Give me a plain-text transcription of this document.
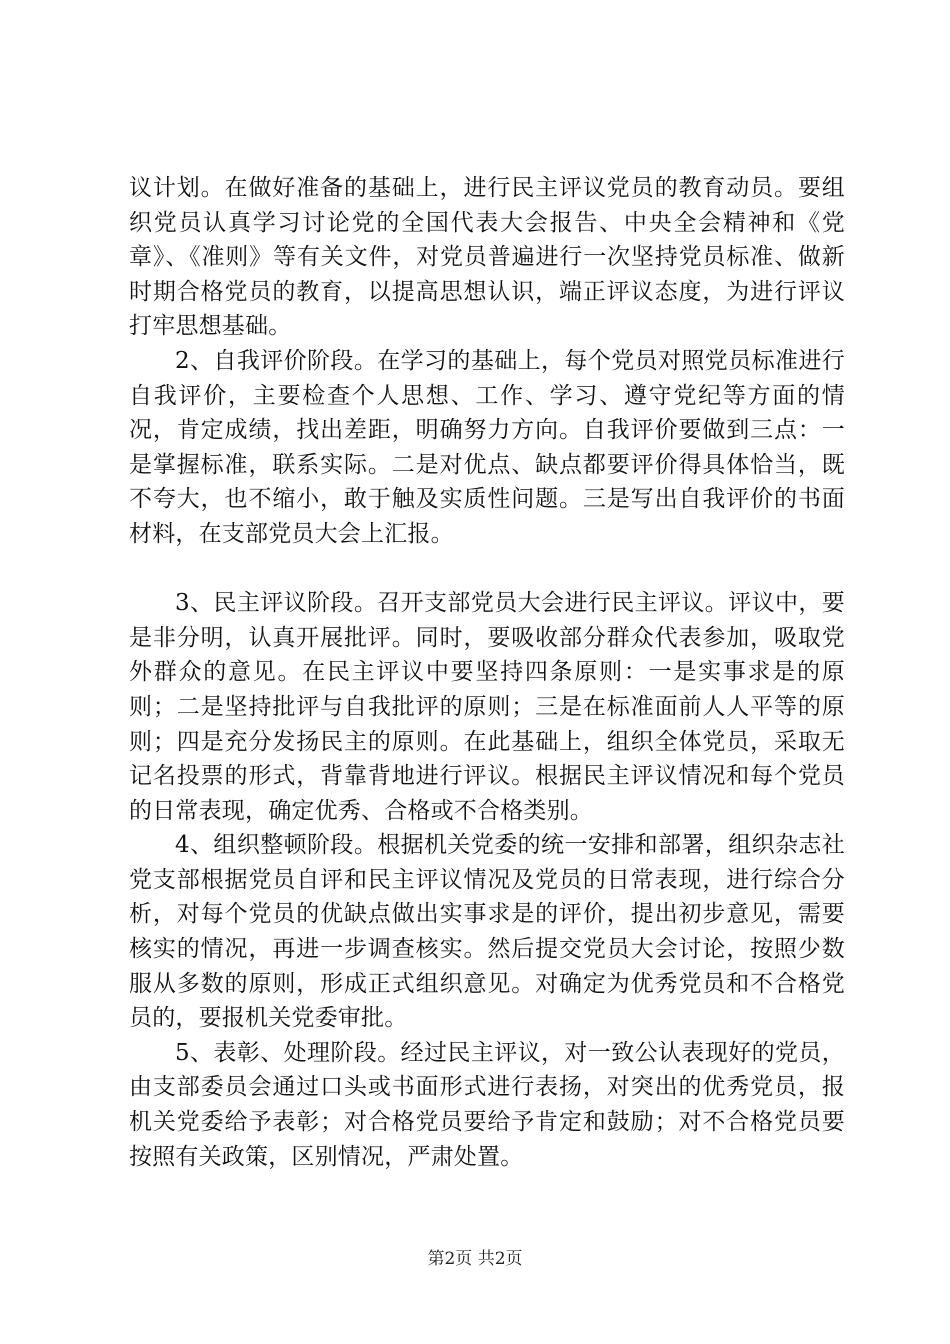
议计划。在做好准备的基础上，进行民主评议党员的教育动员。要组织党员认真学习讨论党的全国代表大会报告、中央全会精神和《党章》、《准则》等有关文件，对党员普遍进行一次坚持党员标准、做新时期合格党员的教育，以提高思想认识，端正评议态度，为进行评议打牢思想基础。

2、自我评价阶段。在学习的基础上，每个党员对照党员标准进行自我评价，主要检查个人思想、工作、学习、遵守党纪等方面的情况，肯定成绩，找出差距，明确努力方向。自我评价要做到三点：一是掌握标准，联系实际。二是对优点、缺点都要评价得具体恰当，既不夸大，也不缩小，敢于触及实质性问题。三是写出自我评价的书面材料，在支部党员大会上汇报。

3、民主评议阶段。召开支部党员大会进行民主评议。评议中，要是非分明，认真开展批评。同时，要吸收部分群众代表参加，吸取党外群众的意见。在民主评议中要坚持四条原则：一是实事求是的原则；二是坚持批评与自我批评的原则；三是在标准面前人人平等的原则；四是充分发扬民主的原则。在此基础上，组织全体党员，采取无记名投票的形式，背靠背地进行评议。根据民主评议情况和每个党员的日常表现，确定优秀、合格或不合格类别。

4、组织整顿阶段。根据机关党委的统一安排和部署，组织杂志社党支部根据党员自评和民主评议情况及党员的日常表现，进行综合分析，对每个党员的优缺点做出实事求是的评价，提出初步意见，需要核实的情况，再进一步调查核实。然后提交党员大会讨论，按照少数服从多数的原则，形成正式组织意见。对确定为优秀党员和不合格党员的，要报机关党委审批。

5、表彰、处理阶段。经过民主评议，对一致公认表现好的党员，由支部委员会通过口头或书面形式进行表扬，对突出的优秀党员，报机关党委给予表彰；对合格党员要给予肯定和鼓励；对不合格党员要按照有关政策，区别情况，严肃处置。

第2页 共2页
